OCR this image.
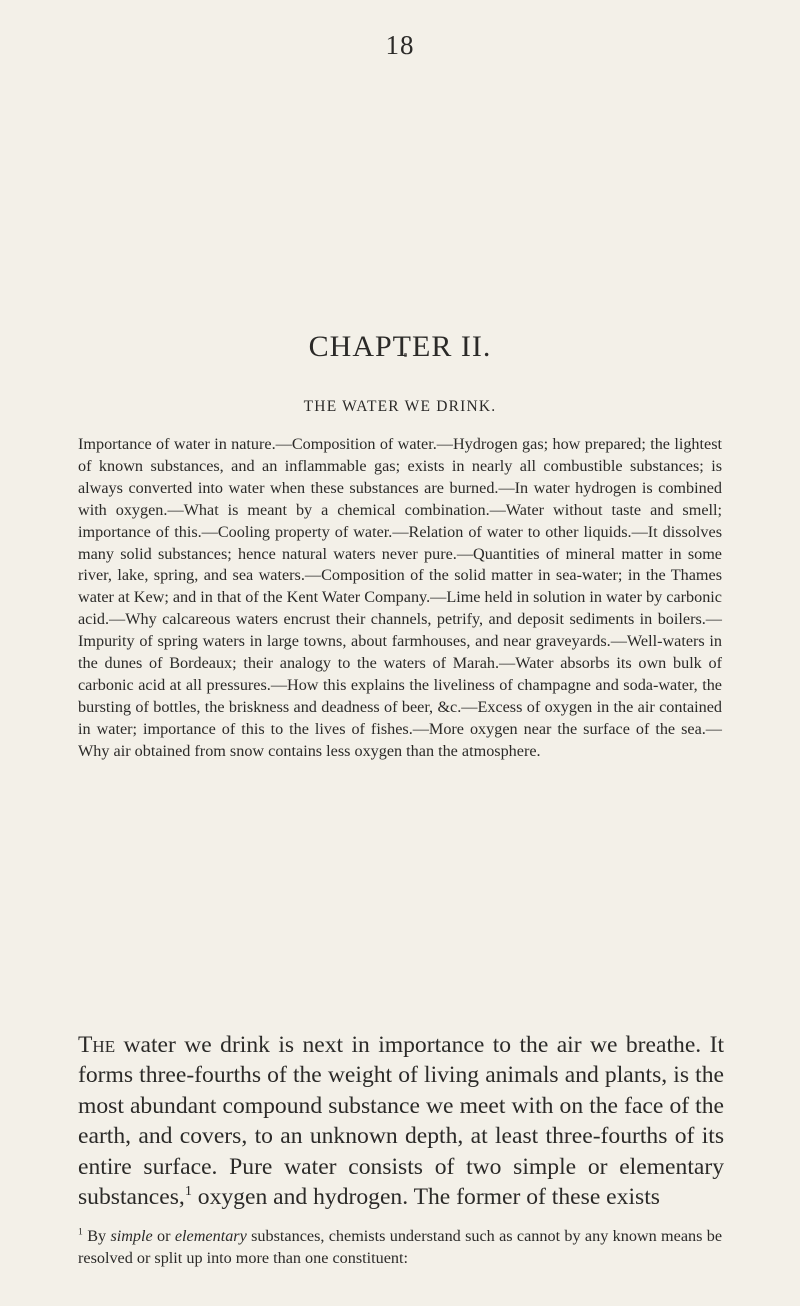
18
CHAPTER II.
THE WATER WE DRINK.
Importance of water in nature.—Composition of water.—Hydrogen gas; how prepared; the lightest of known substances, and an inflammable gas; exists in nearly all combustible substances; is always converted into water when these substances are burned.—In water hydrogen is combined with oxygen.—What is meant by a chemical combination.—Water without taste and smell; importance of this.—Cooling property of water.—Relation of water to other liquids.—It dissolves many solid substances; hence natural waters never pure.—Quantities of mineral matter in some river, lake, spring, and sea waters.—Composition of the solid matter in sea-water; in the Thames water at Kew; and in that of the Kent Water Company.—Lime held in solution in water by carbonic acid.—Why calcareous waters encrust their channels, petrify, and deposit sediments in boilers.—Impurity of spring waters in large towns, about farmhouses, and near graveyards.—Well-waters in the dunes of Bordeaux; their analogy to the waters of Marah.—Water absorbs its own bulk of carbonic acid at all pressures.—How this explains the liveliness of champagne and soda-water, the bursting of bottles, the briskness and deadness of beer, &c.—Excess of oxygen in the air contained in water; importance of this to the lives of fishes.—More oxygen near the surface of the sea.—Why air obtained from snow contains less oxygen than the atmosphere.
The water we drink is next in importance to the air we breathe. It forms three-fourths of the weight of living animals and plants, is the most abundant compound substance we meet with on the face of the earth, and covers, to an unknown depth, at least three-fourths of its entire surface. Pure water consists of two simple or elementary substances,$^1$ oxygen and hydrogen. The former of these exists
$^1$ By simple or elementary substances, chemists understand such as cannot by any known means be resolved or split up into more than one constituent:
